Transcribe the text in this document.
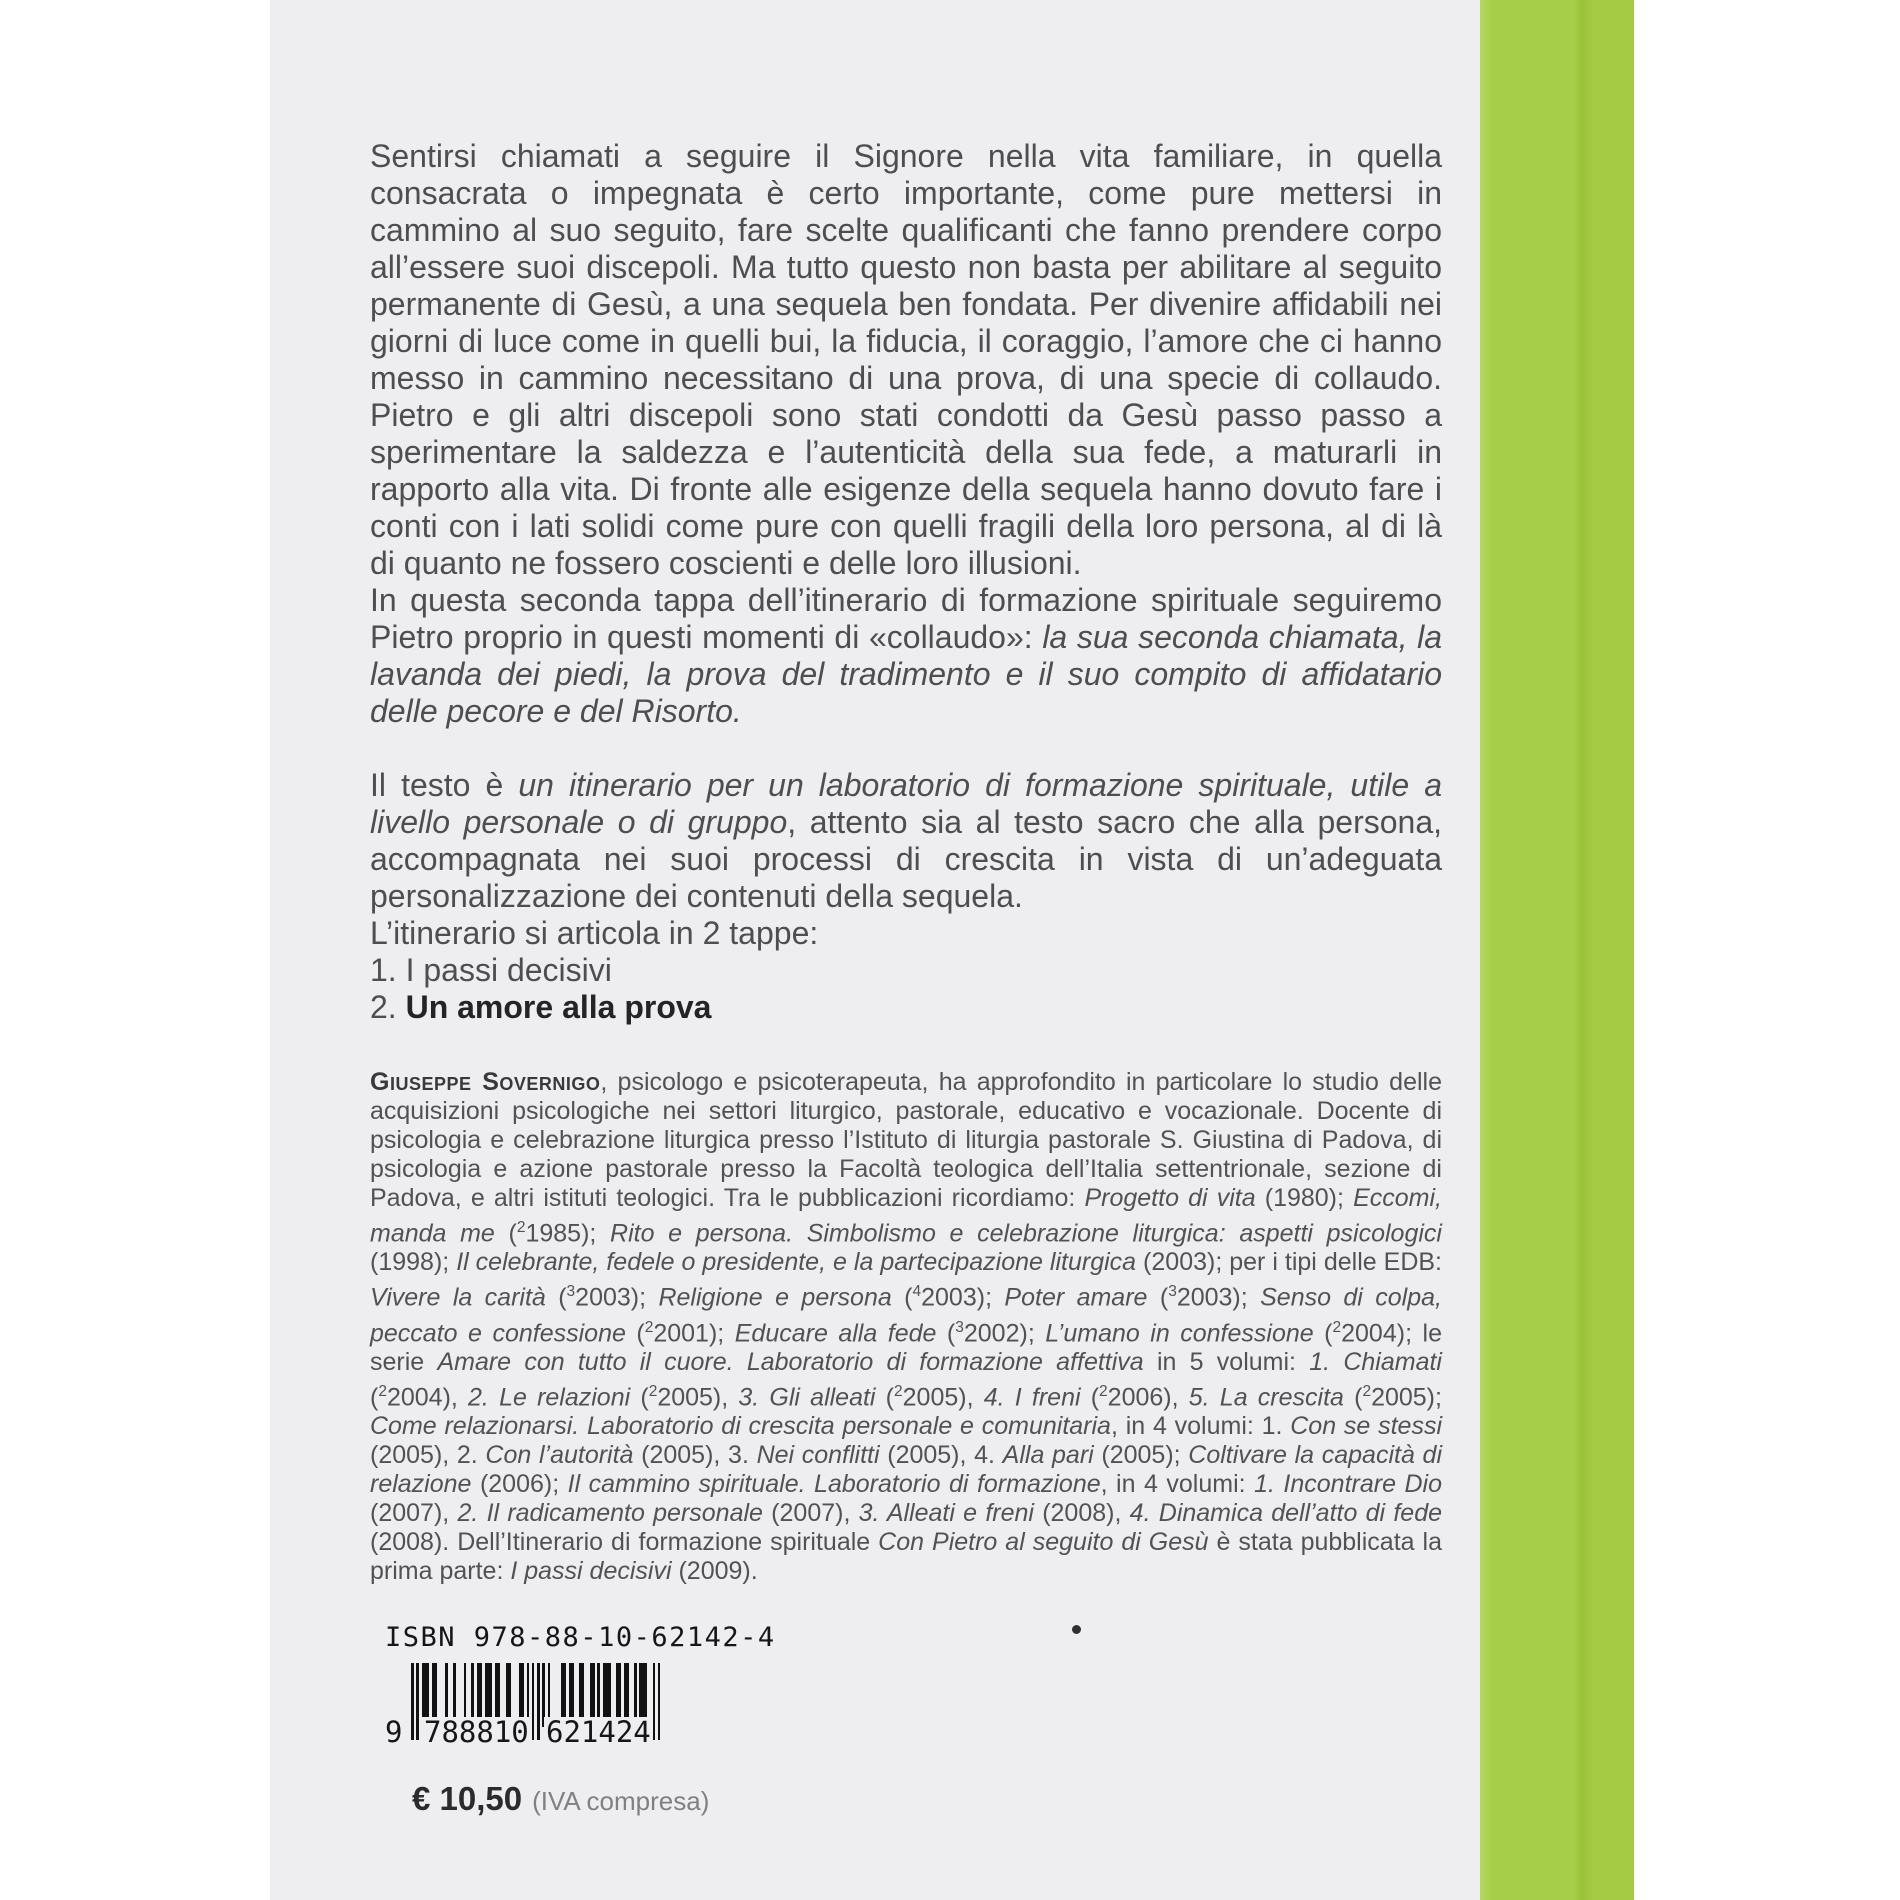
Sentirsi chiamati a seguire il Signore nella vita familiare, in quella consacrata o impegnata è certo importante, come pure mettersi in cammino al suo seguito, fare scelte qualificanti che fanno prendere corpo all’essere suoi discepoli. Ma tutto questo non basta per abilitare al seguito permanente di Gesù, a una sequela ben fondata. Per divenire affidabili nei giorni di luce come in quelli bui, la fiducia, il coraggio, l’amore che ci hanno messo in cammino necessitano di una prova, di una specie di collaudo. Pietro e gli altri discepoli sono stati condotti da Gesù passo passo a sperimentare la saldezza e l’autenticità della sua fede, a maturarli in rapporto alla vita. Di fronte alle esigenze della sequela hanno dovuto fare i conti con i lati solidi come pure con quelli fragili della loro persona, al di là di quanto ne fossero coscienti e delle loro illusioni.

In questa seconda tappa dell’itinerario di formazione spirituale seguiremo Pietro proprio in questi momenti di «collaudo»: la sua seconda chiamata, la lavanda dei piedi, la prova del tradimento e il suo compito di affidatario delle pecore e del Risorto.

Il testo è un itinerario per un laboratorio di formazione spirituale, utile a livello personale o di gruppo, attento sia al testo sacro che alla persona, accompagnata nei suoi processi di crescita in vista di un’adeguata personalizzazione dei contenuti della sequela.

L’itinerario si articola in 2 tappe:

1. I passi decisivi

2. Un amore alla prova

Giuseppe Sovernigo, psicologo e psicoterapeuta, ha approfondito in particolare lo studio delle acquisizioni psicologiche nei settori liturgico, pastorale, educativo e vocazionale. Docente di psicologia e celebrazione liturgica presso l’Istituto di liturgia pastorale S. Giustina di Padova, di psicologia e azione pastorale presso la Facoltà teologica dell’Italia settentrionale, sezione di Padova, e altri istituti teologici. Tra le pubblicazioni ricordiamo: Progetto di vita (1980); Eccomi, manda me ($^2$1985); Rito e persona. Simbolismo e celebrazione liturgica: aspetti psicologici (1998); Il celebrante, fedele o presidente, e la partecipazione liturgica (2003); per i tipi delle EDB: Vivere la carità ($^3$2003); Religione e persona ($^4$2003); Poter amare ($^3$2003); Senso di colpa, peccato e confessione ($^2$2001); Educare alla fede ($^3$2002); L’umano in confessione ($^2$2004); le serie Amare con tutto il cuore. Laboratorio di formazione affettiva in 5 volumi: 1. Chiamati ($^2$2004), 2. Le relazioni ($^2$2005), 3. Gli alleati ($^2$2005), 4. I freni ($^2$2006), 5. La crescita ($^2$2005); Come relazionarsi. Laboratorio di crescita personale e comunitaria, in 4 volumi: 1. Con se stessi (2005), 2. Con l’autorità (2005), 3. Nei conflitti (2005), 4. Alla pari (2005); Coltivare la capacità di relazione (2006); Il cammino spirituale. Laboratorio di formazione, in 4 volumi: 1. Incontrare Dio (2007), 2. Il radicamento personale (2007), 3. Alleati e freni (2008), 4. Dinamica dell’atto di fede (2008). Dell’Itinerario di formazione spirituale Con Pietro al seguito di Gesù è stata pubblicata la prima parte: I passi decisivi (2009).

ISBN 978-88-10-62142-4
9 788810 621424
€ 10,50 (IVA compresa)
